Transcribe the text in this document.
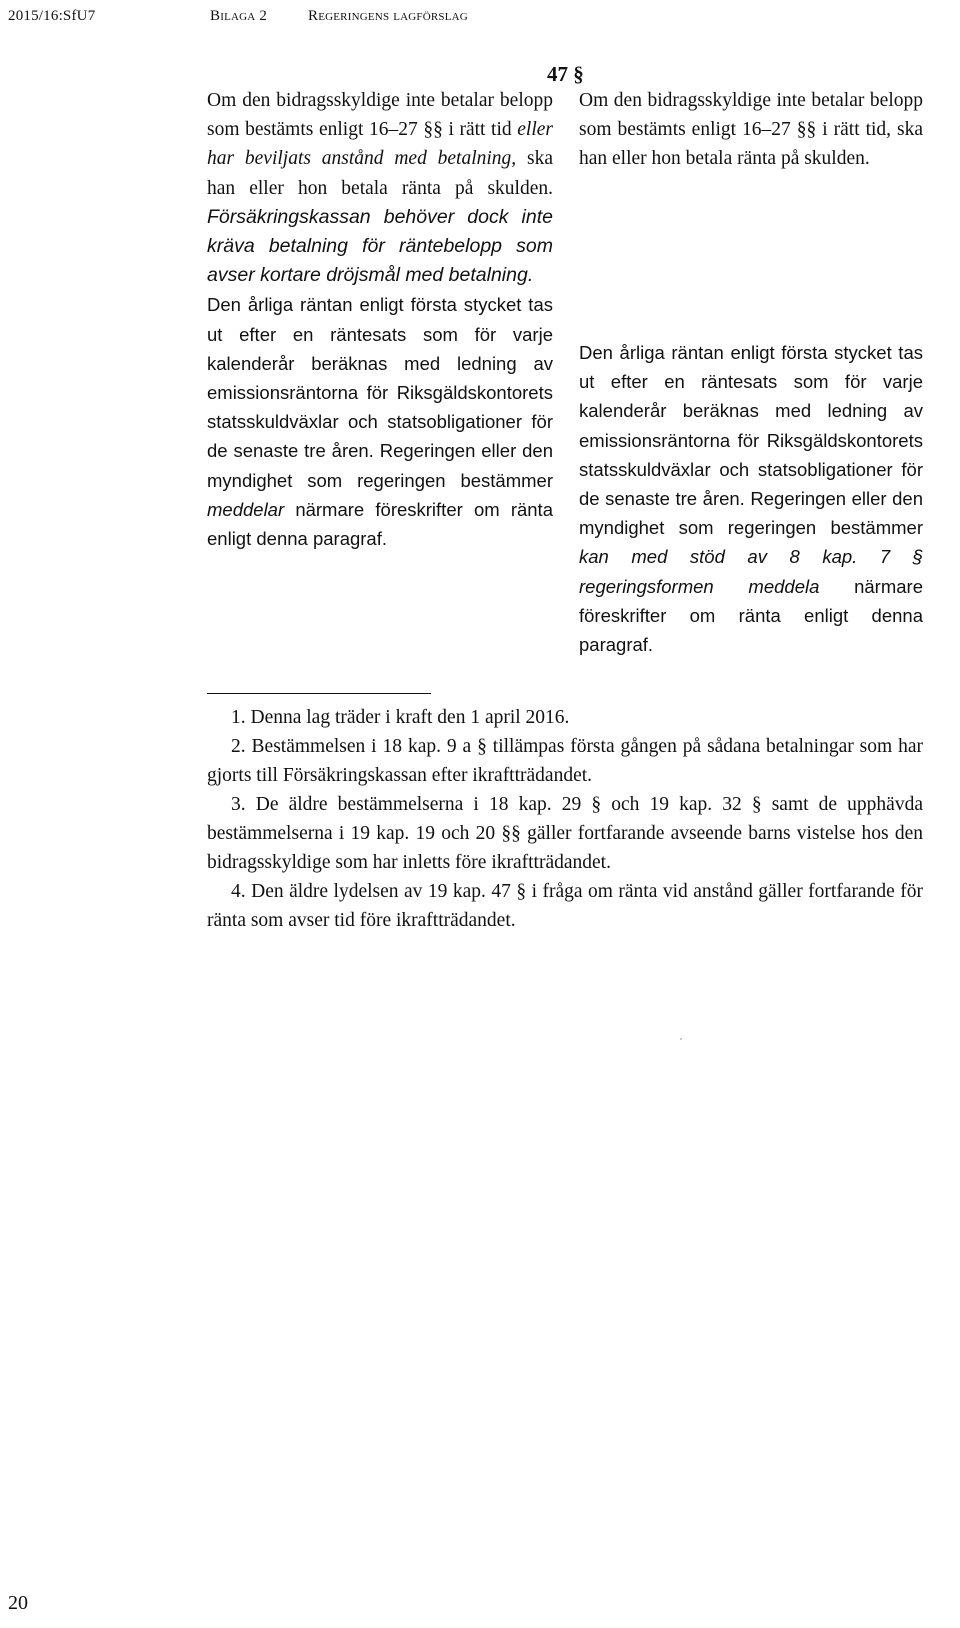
2015/16:SfU7	Bilaga 2	Regeringens lagförslag
47 §

Om den bidragsskyldige inte betalar belopp som bestämts enligt 16–27 §§ i rätt tid eller har beviljats anstånd med betalning, ska han eller hon betala ränta på skulden. Försäkringskassan behöver dock inte kräva betalning för räntebelopp som avser kortare dröjsmål med betalning.

Den årliga räntan enligt första stycket tas ut efter en räntesats som för varje kalenderår beräknas med ledning av emissionsräntorna för Riksgäldskontorets statsskuldväxlar och statsobligationer för de senaste tre åren. Regeringen eller den myndighet som regeringen bestämmer meddelar närmare föreskrifter om ränta enligt denna paragraf.

Om den bidragsskyldige inte betalar belopp som bestämts enligt 16–27 §§ i rätt tid, ska han eller hon betala ränta på skulden.

Den årliga räntan enligt första stycket tas ut efter en räntesats som för varje kalenderår beräknas med ledning av emissionsräntorna för Riksgäldskontorets statsskuldväxlar och statsobligationer för de senaste tre åren. Regeringen eller den myndighet som regeringen bestämmer kan med stöd av 8 kap. 7 § regeringsformen meddela närmare föreskrifter om ränta enligt denna paragraf.

1. Denna lag träder i kraft den 1 april 2016.

2. Bestämmelsen i 18 kap. 9 a § tillämpas första gången på sådana betalningar som har gjorts till Försäkringskassan efter ikraftträdandet.

3. De äldre bestämmelserna i 18 kap. 29 § och 19 kap. 32 § samt de upphävda bestämmelserna i 19 kap. 19 och 20 §§ gäller fortfarande avseende barns vistelse hos den bidragsskyldige som har inletts före ikraftträdandet.

4. Den äldre lydelsen av 19 kap. 47 § i fråga om ränta vid anstånd gäller fortfarande för ränta som avser tid före ikraftträdandet.

20
